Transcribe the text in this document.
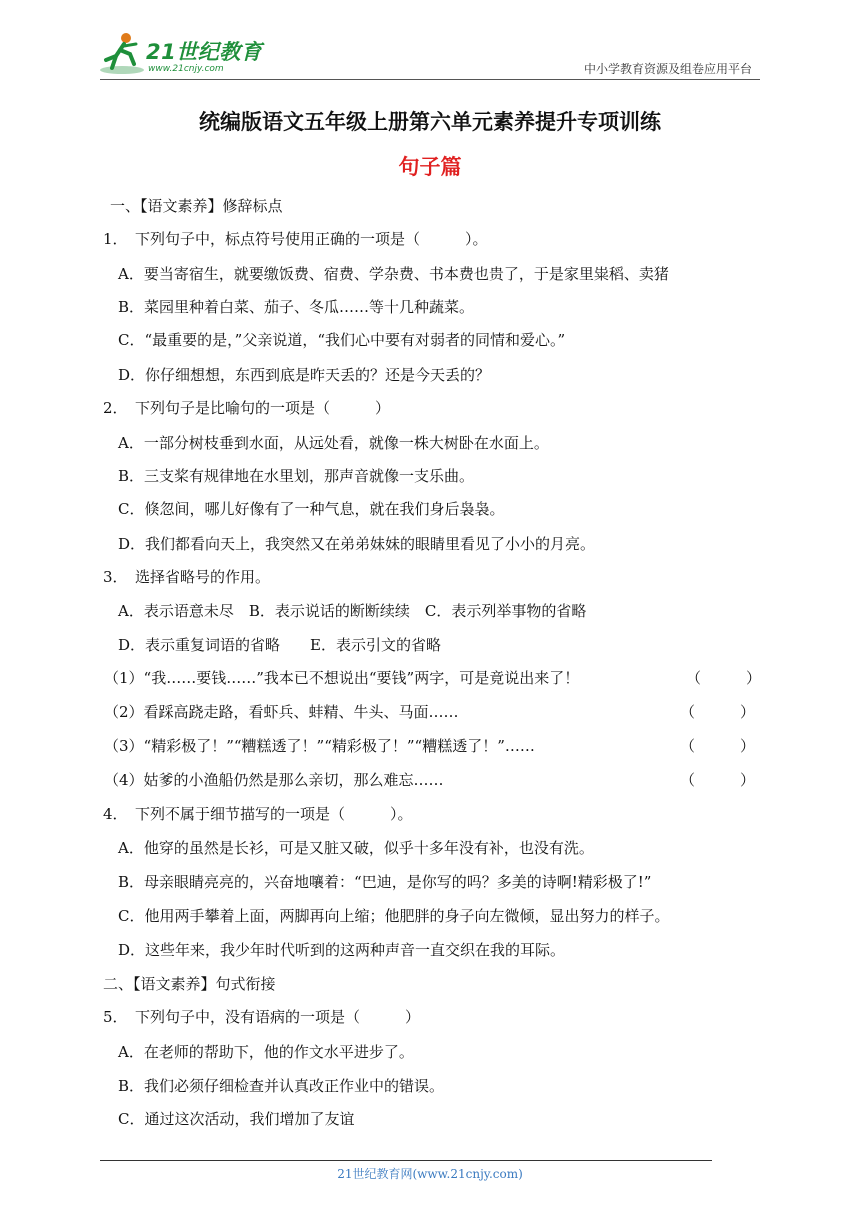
21世纪教育
www.21cnjy.com	中小学教育资源及组卷应用平台
统编版语文五年级上册第六单元素养提升专项训练
句子篇
一、【语文素养】修辞标点
1．　下列句子中，标点符号使用正确的一项是（　　　）。
A．要当寄宿生，就要缴饭费、宿费、学杂费、书本费也贵了，于是家里粜稻、卖猪
B．菜园里种着白菜、茄子、冬瓜……等十几种蔬菜。
C．“最重要的是，”父亲说道，“我们心中要有对弱者的同情和爱心。”
D．你仔细想想，东西到底是昨天丢的？还是今天丢的？
2．　下列句子是比喻句的一项是（　　　）
A．一部分树枝垂到水面，从远处看，就像一株大树卧在水面上。
B．三支桨有规律地在水里划，那声音就像一支乐曲。
C．倏忽间，哪儿好像有了一种气息，就在我们身后袅袅。
D．我们都看向天上，我突然又在弟弟妹妹的眼睛里看见了小小的月亮。
3．　选择省略号的作用。
A．表示语意未尽　B．表示说话的断断续续　C．表示列举事物的省略
D．表示重复词语的省略　　E．表示引文的省略
（1）“我……要钱……”我本已不想说出“要钱”两字，可是竟说出来了！	（　　　）
（2）看踩高跷走路，看虾兵、蚌精、牛头、马面……	（　　　）
（3）“精彩极了！”“糟糕透了！”“精彩极了！”“糟糕透了！”……	（　　　）
（4）姑爹的小渔船仍然是那么亲切，那么难忘……	（　　　）
4．　下列不属于细节描写的一项是（　　　）。
A．他穿的虽然是长衫，可是又脏又破，似乎十多年没有补，也没有洗。
B．母亲眼睛亮亮的，兴奋地嚷着：“巴迪，是你写的吗？多美的诗啊!精彩极了!”
C．他用两手攀着上面，两脚再向上缩；他肥胖的身子向左微倾，显出努力的样子。
D．这些年来，我少年时代听到的这两种声音一直交织在我的耳际。
二、【语文素养】句式衔接
5．　下列句子中，没有语病的一项是（　　　）
A．在老师的帮助下，他的作文水平进步了。
B．我们必须仔细检查并认真改正作业中的错误。
C．通过这次活动，我们增加了友谊
21世纪教育网(www.21cnjy.com)
